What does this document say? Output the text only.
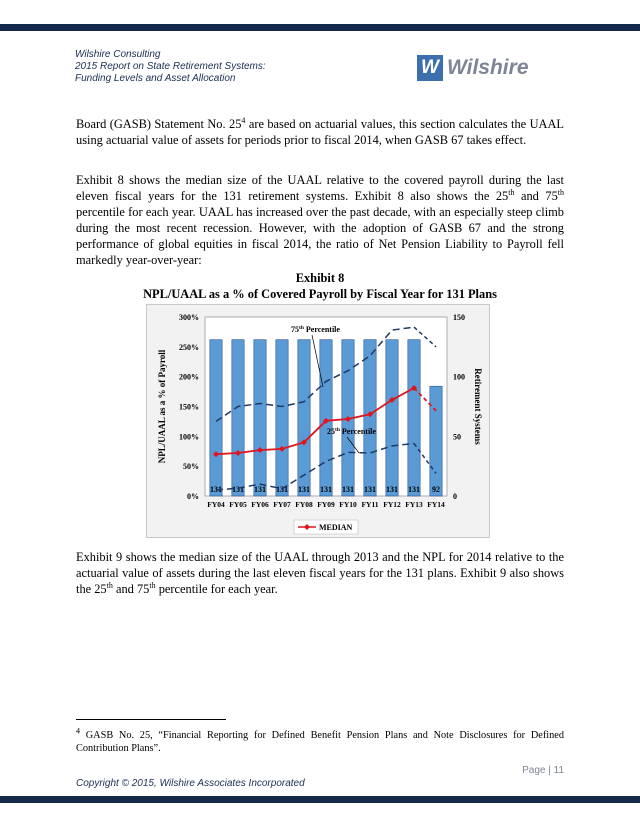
Wilshire Consulting
2015 Report on State Retirement Systems:
Funding Levels and Asset Allocation
W Wilshire
Board (GASB) Statement No. $25^4$ are based on actuarial values, this section calculates the UAAL using actuarial value of assets for periods prior to fiscal 2014, when GASB 67 takes effect.
Exhibit 8 shows the median size of the UAAL relative to the covered payroll during the last eleven fiscal years for the 131 retirement systems. Exhibit 8 also shows the 25th and 75th percentile for each year. UAAL has increased over the past decade, with an especially steep climb during the most recent recession. However, with the adoption of GASB 67 and the strong performance of global equities in fiscal 2014, the ratio of Net Pension Liability to Payroll fell markedly year-over-year:
Exhibit 8
NPL/UAAL as a % of Covered Payroll by Fiscal Year for 131 Plans
131 131 131 131 131 131 131 131 131 131 92
0%
50%
100%
150%
200%
250%
300%
0
50
100
150
FY04 FY05 FY06 FY07 FY08 FY09 FY10 FY11 FY12 FY13 FY14
NPL/UAAL as a % of Payroll	Retirement Systems
75th Percentile
25th Percentile
MEDIAN
Exhibit 9 shows the median size of the UAAL through 2013 and the NPL for 2014 relative to the actuarial value of assets during the last eleven fiscal years for the 131 plans. Exhibit 9 also shows the 25th and 75th percentile for each year.
$^4$ GASB No. 25, “Financial Reporting for Defined Benefit Pension Plans and Note Disclosures for Defined Contribution Plans”.
Page | 11
Copyright © 2015, Wilshire Associates Incorporated
